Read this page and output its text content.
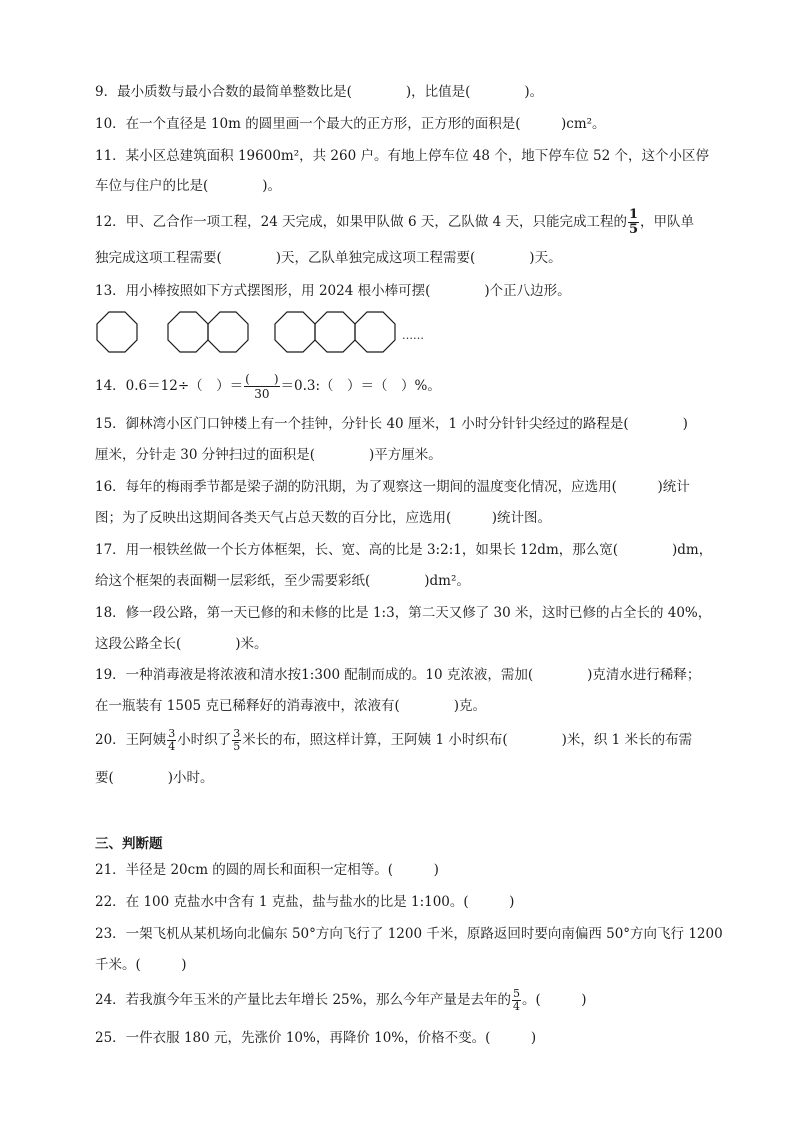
9．最小质数与最小合数的最简单整数比是(　　　　)，比值是(　　　　)。
10．在一个直径是 10m 的圆里画一个最大的正方形，正方形的面积是(　　　)cm²。
11．某小区总建筑面积 19600m²，共 260 户。有地上停车位 48 个，地下停车位 52 个，这个小区停
车位与住户的比是(　　　　)。
12．甲、乙合作一项工程，24 天完成，如果甲队做 6 天，乙队做 4 天，只能完成工程的 $\frac{1}{5}$ ，甲队单
独完成这项工程需要(　　　　)天，乙队单独完成这项工程需要(　　　　)天。
13．用小棒按照如下方式摆图形，用 2024 根小棒可摆(　　　　)个正八边形。
……
14．0.6＝12÷（　）＝ $\frac{( )}{30}$ ＝0.3:（　）＝（　）%。
15．御林湾小区门口钟楼上有一个挂钟，分针长 40 厘米，1 小时分针针尖经过的路程是(　　　　)
厘米，分针走 30 分钟扫过的面积是(　　　　)平方厘米。
16．每年的梅雨季节都是梁子湖的防汛期，为了观察这一期间的温度变化情况，应选用(　　　)统计
图；为了反映出这期间各类天气占总天数的百分比，应选用(　　　)统计图。
17．用一根铁丝做一个长方体框架，长、宽、高的比是 3:2:1，如果长 12dm，那么宽(　　　　)dm，
给这个框架的表面糊一层彩纸，至少需要彩纸(　　　　)dm²。
18．修一段公路，第一天已修的和未修的比是 1:3，第二天又修了 30 米，这时已修的占全长的 40%，
这段公路全长(　　　　)米。
19．一种消毒液是将浓液和清水按1:300 配制而成的。10 克浓液，需加(　　　　)克清水进行稀释；
在一瓶装有 1505 克已稀释好的消毒液中，浓液有(　　　　)克。
20．王阿姨 $\frac{3}{4}$ 小时织了 $\frac{3}{5}$ 米长的布，照这样计算，王阿姨 1 小时织布(　　　　)米，织 1 米长的布需
要(　　　　)小时。
三、判断题
21．半径是 20cm 的圆的周长和面积一定相等。(　　　)
22．在 100 克盐水中含有 1 克盐，盐与盐水的比是 1:100。(　　　)
23．一架飞机从某机场向北偏东 50°方向飞行了 1200 千米，原路返回时要向南偏西 50°方向飞行 1200
千米。(　　　)
24．若我旗今年玉米的产量比去年增长 25%，那么今年产量是去年的 $\frac{5}{4}$ 。(　　　)
25．一件衣服 180 元，先涨价 10%，再降价 10%，价格不变。(　　　)
